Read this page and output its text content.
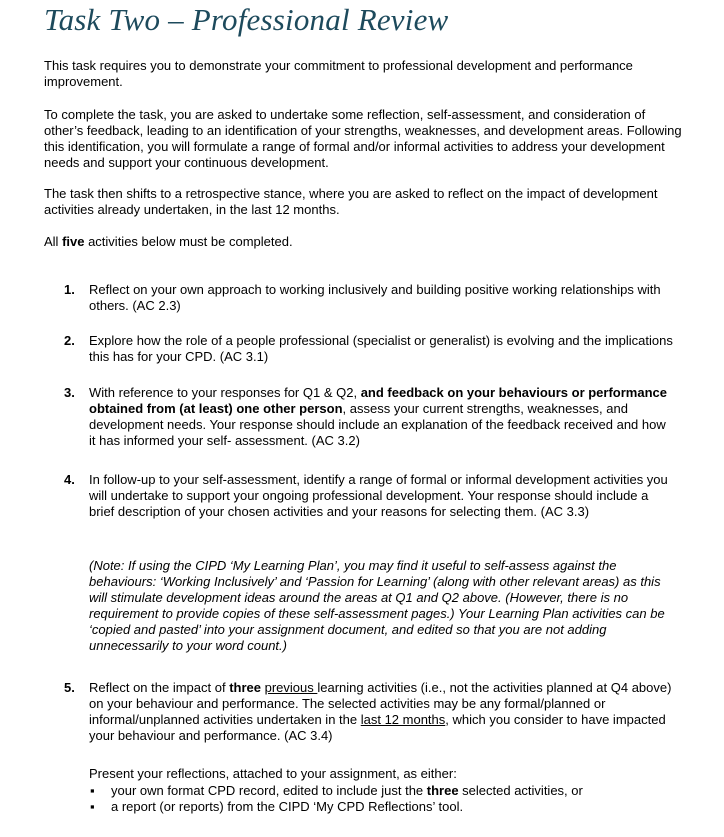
Task Two – Professional Review

This task requires you to demonstrate your commitment to professional development and performance improvement.

To complete the task, you are asked to undertake some reflection, self-assessment, and consideration of other’s feedback, leading to an identification of your strengths, weaknesses, and development areas. Following this identification, you will formulate a range of formal and/or informal activities to address your development needs and support your continuous development.

The task then shifts to a retrospective stance, where you are asked to reflect on the impact of development activities already undertaken, in the last 12 months.

All five activities below must be completed.

1. Reflect on your own approach to working inclusively and building positive working relationships with others. (AC 2.3)

2. Explore how the role of a people professional (specialist or generalist) is evolving and the implications this has for your CPD. (AC 3.1)

3. With reference to your responses for Q1 & Q2, and feedback on your behaviours or performance obtained from (at least) one other person, assess your current strengths, weaknesses, and development needs. Your response should include an explanation of the feedback received and how it has informed your self- assessment. (AC 3.2)

4. In follow-up to your self-assessment, identify a range of formal or informal development activities you will undertake to support your ongoing professional development. Your response should include a brief description of your chosen activities and your reasons for selecting them. (AC 3.3)

(Note: If using the CIPD ‘My Learning Plan’, you may find it useful to self-assess against the behaviours: ‘Working Inclusively’ and ‘Passion for Learning’ (along with other relevant areas) as this will stimulate development ideas around the areas at Q1 and Q2 above. (However, there is no requirement to provide copies of these self-assessment pages.) Your Learning Plan activities can be ‘copied and pasted’ into your assignment document, and edited so that you are not adding unnecessarily to your word count.)

5. Reflect on the impact of three previous learning activities (i.e., not the activities planned at Q4 above) on your behaviour and performance. The selected activities may be any formal/planned or informal/unplanned activities undertaken in the last 12 months, which you consider to have impacted your behaviour and performance. (AC 3.4)

Present your reflections, attached to your assignment, as either:

▪ your own format CPD record, edited to include just the three selected activities, or
▪ a report (or reports) from the CIPD ‘My CPD Reflections’ tool.
